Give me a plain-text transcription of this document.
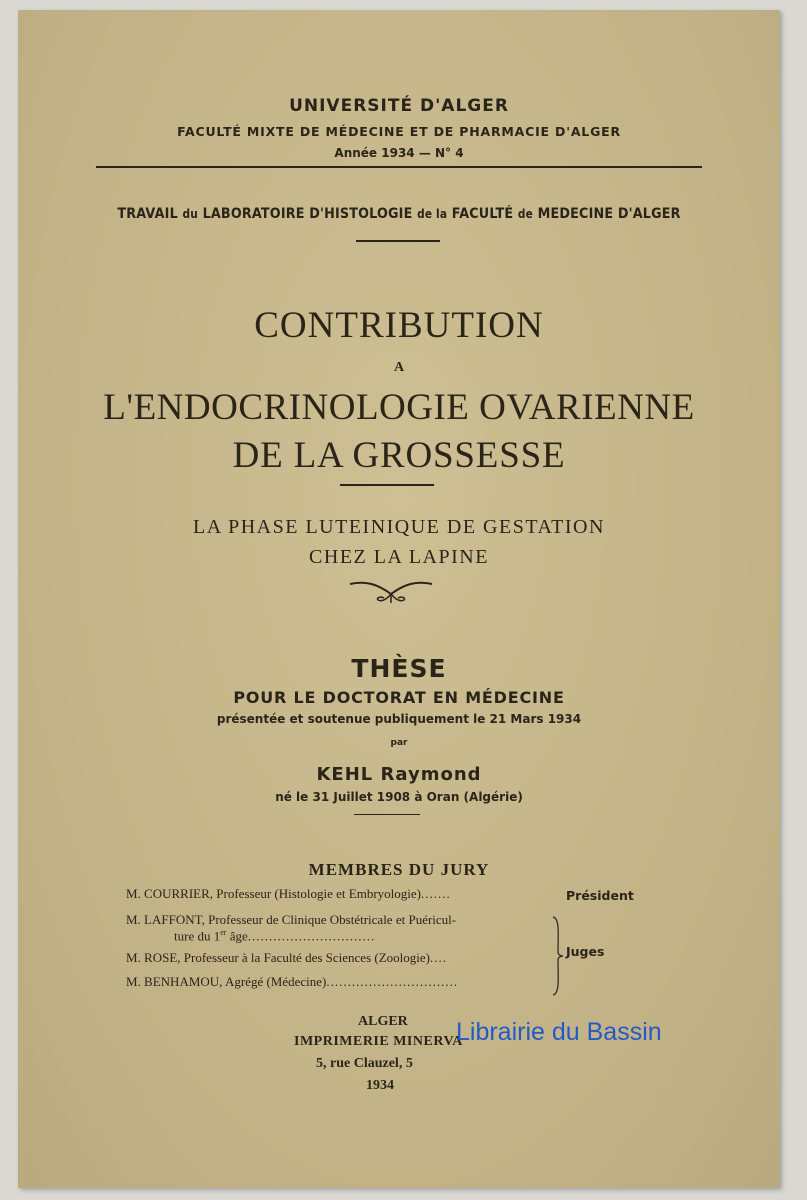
UNIVERSITÉ D'ALGER
FACULTÉ MIXTE DE MÉDECINE ET DE PHARMACIE D'ALGER
Année 1934 — N° 4
TRAVAIL du LABORATOIRE D'HISTOLOGIE de la FACULTÉ de MEDECINE D'ALGER
CONTRIBUTION
A
L'ENDOCRINOLOGIE OVARIENNE
DE LA GROSSESSE
LA PHASE LUTEINIQUE DE GESTATION
CHEZ LA LAPINE
THÈSE
POUR LE DOCTORAT EN MÉDECINE
présentée et soutenue publiquement le 21 Mars 1934
par
KEHL Raymond
né le 31 Juillet 1908 à Oran (Algérie)
MEMBRES DU JURY
M. COURRIER, Professeur (Histologie et Embryologie).......	Président
M. LAFFONT, Professeur de Clinique Obstétricale et Puéricul-
ture du 1er âge..............................
Juges
M. ROSE, Professeur à la Faculté des Sciences (Zoologie)....
M. BENHAMOU, Agrégé (Médecine)...............................
ALGER
IMPRIMERIE MINERVA
5, rue Clauzel, 5
1934
Librairie du Bassin
